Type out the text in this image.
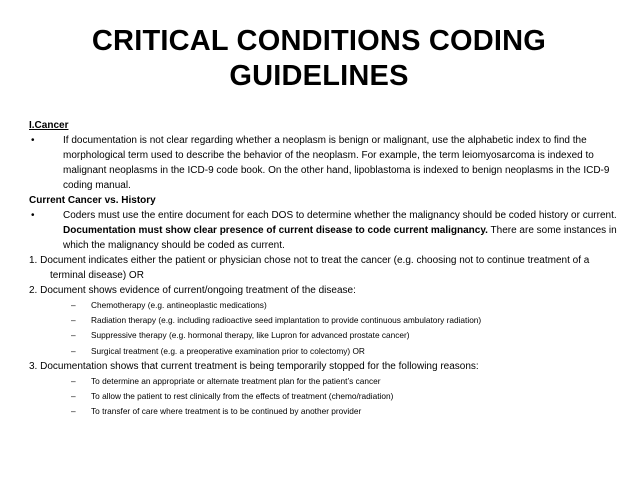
CRITICAL CONDITIONS CODING
GUIDELINES

I.Cancer

•	If documentation is not clear regarding whether a neoplasm is benign or malignant, use the alphabetic index to find the morphological term used to describe the behavior of the neoplasm. For example, the term leiomyosarcoma is indexed to malignant neoplasms in the ICD-9 code book. On the other hand, lipoblastoma is indexed to benign neoplasms in the ICD-9 coding manual.

Current Cancer vs. History

•	Coders must use the entire document for each DOS to determine whether the malignancy should be coded history or current. Documentation must show clear presence of current disease to code current malignancy. There are some instances in which the malignancy should be coded as current.

1. Document indicates either the patient or physician chose not to treat the cancer (e.g. choosing not to continue treatment of a terminal disease) OR

2. Document shows evidence of current/ongoing treatment of the disease:

– Chemotherapy (e.g. antineoplastic medications)
– Radiation therapy (e.g. including radioactive seed implantation to provide continuous ambulatory radiation)
– Suppressive therapy (e.g. hormonal therapy, like Lupron for advanced prostate cancer)
– Surgical treatment (e.g. a preoperative examination prior to colectomy) OR

3. Documentation shows that current treatment is being temporarily stopped for the following reasons:

– To determine an appropriate or alternate treatment plan for the patient’s cancer
– To allow the patient to rest clinically from the effects of treatment (chemo/radiation)
– To transfer of care where treatment is to be continued by another provider
